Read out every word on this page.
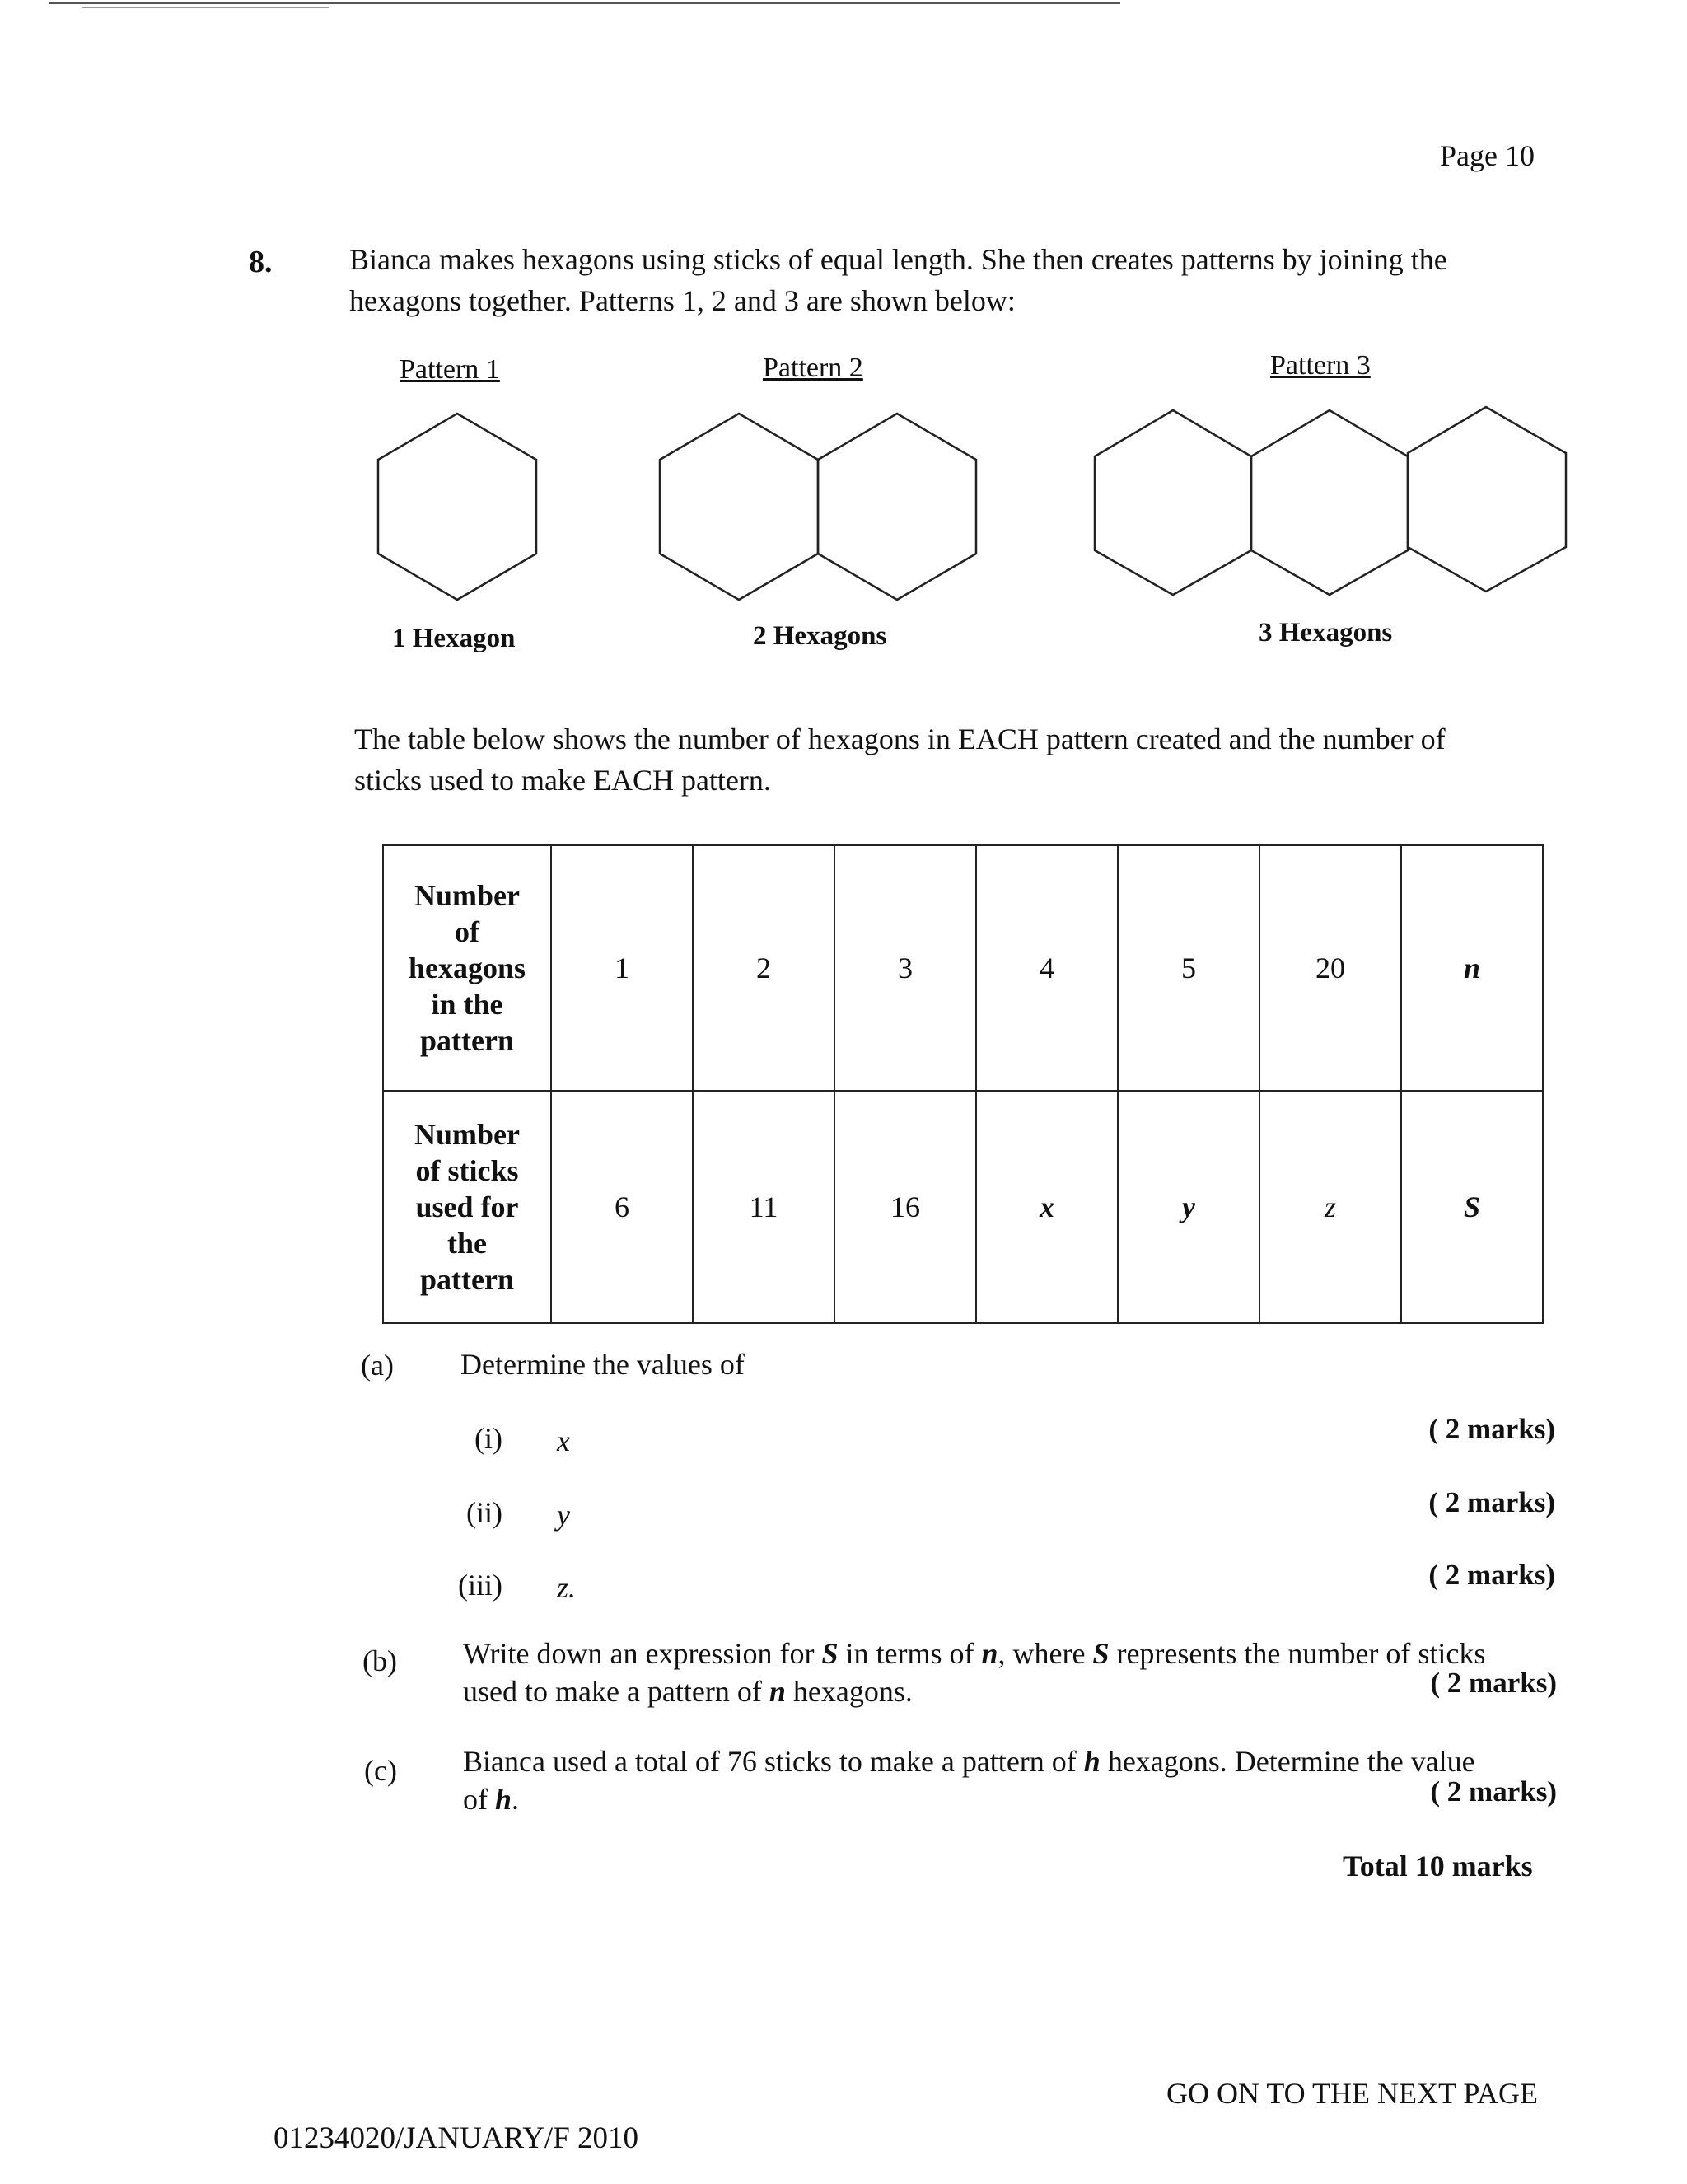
Page 10
8.	Bianca makes hexagons using sticks of equal length. She then creates patterns by joining the
hexagons together. Patterns 1, 2 and 3 are shown below:
Pattern 1	Pattern 2	Pattern 3
1 Hexagon	2 Hexagons	3 Hexagons
The table below shows the number of hexagons in EACH pattern created and the number of
sticks used to make EACH pattern.
Number
of
hexagons
in the
pattern	1	2	3	4	5	20	n

Number
of sticks
used for
the
pattern	6	11	16	x	y	z	S
(a) Determine the values of
(i) x	( 2 marks)
(ii) y	( 2 marks)
(iii) z.	( 2 marks)
(b) Write down an expression for S in terms of n, where S represents the number of sticks
used to make a pattern of n hexagons.	( 2 marks)
(c) Bianca used a total of 76 sticks to make a pattern of h hexagons. Determine the value
of h.	( 2 marks)
Total 10 marks
GO ON TO THE NEXT PAGE
01234020/JANUARY/F 2010
